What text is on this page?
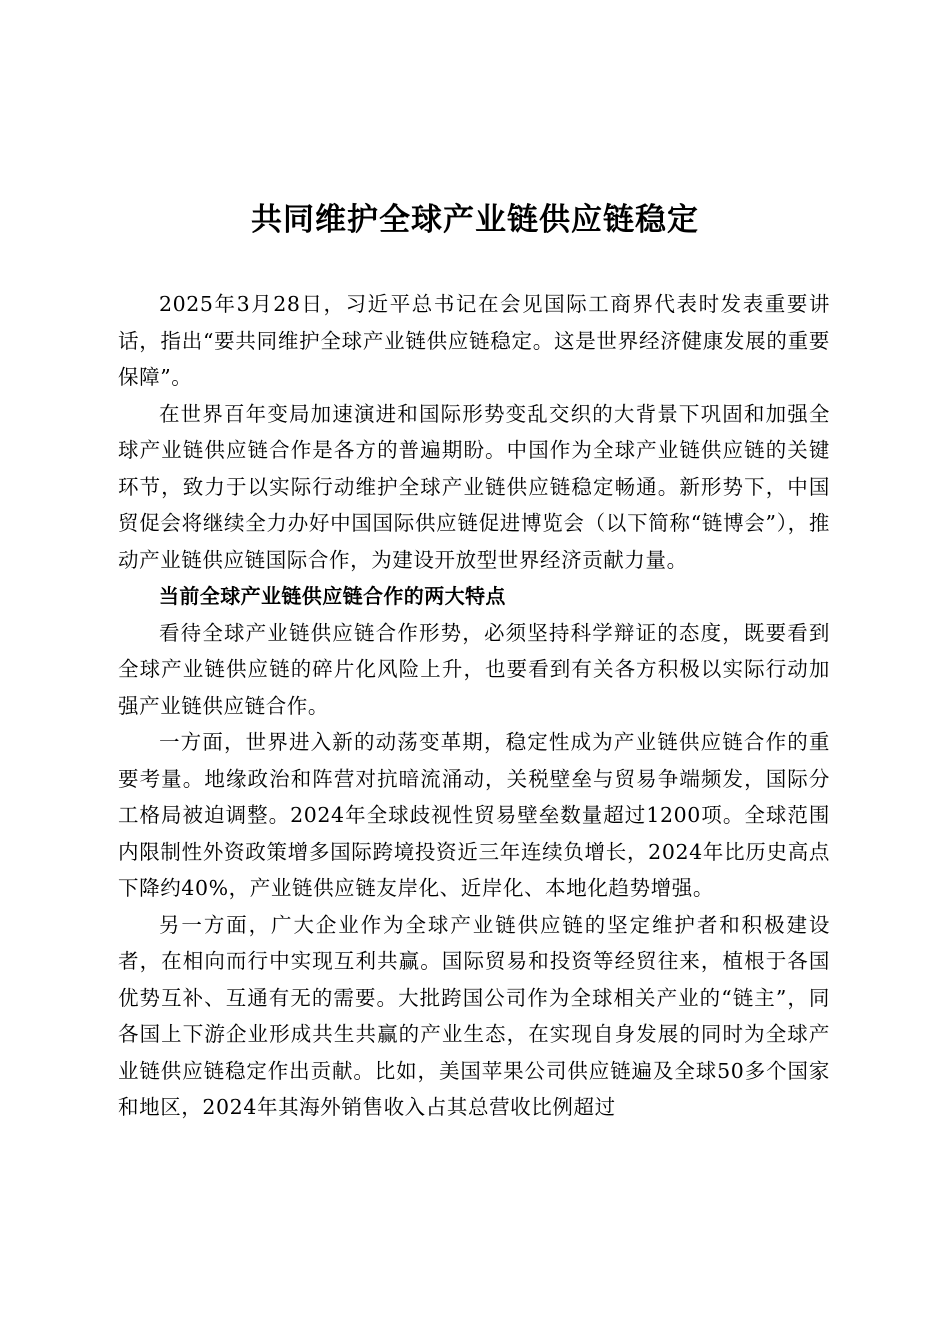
共同维护全球产业链供应链稳定

2025年3月28日，习近平总书记在会见国际工商界代表时发表重要讲话，指出“要共同维护全球产业链供应链稳定。这是世界经济健康发展的重要保障”。

在世界百年变局加速演进和国际形势变乱交织的大背景下巩固和加强全球产业链供应链合作是各方的普遍期盼。中国作为全球产业链供应链的关键环节，致力于以实际行动维护全球产业链供应链稳定畅通。新形势下，中国贸促会将继续全力办好中国国际供应链促进博览会（以下简称“链博会”），推动产业链供应链国际合作，为建设开放型世界经济贡献力量。

当前全球产业链供应链合作的两大特点

看待全球产业链供应链合作形势，必须坚持科学辩证的态度，既要看到全球产业链供应链的碎片化风险上升，也要看到有关各方积极以实际行动加强产业链供应链合作。

一方面，世界进入新的动荡变革期，稳定性成为产业链供应链合作的重要考量。地缘政治和阵营对抗暗流涌动，关税壁垒与贸易争端频发，国际分工格局被迫调整。2024年全球歧视性贸易壁垒数量超过1200项。全球范围内限制性外资政策增多国际跨境投资近三年连续负增长，2024年比历史高点下降约40%，产业链供应链友岸化、近岸化、本地化趋势增强。

另一方面，广大企业作为全球产业链供应链的坚定维护者和积极建设者，在相向而行中实现互利共赢。国际贸易和投资等经贸往来，植根于各国优势互补、互通有无的需要。大批跨国公司作为全球相关产业的“链主”，同各国上下游企业形成共生共赢的产业生态，在实现自身发展的同时为全球产业链供应链稳定作出贡献。比如，美国苹果公司供应链遍及全球50多个国家和地区，2024年其海外销售收入占其总营收比例超过
